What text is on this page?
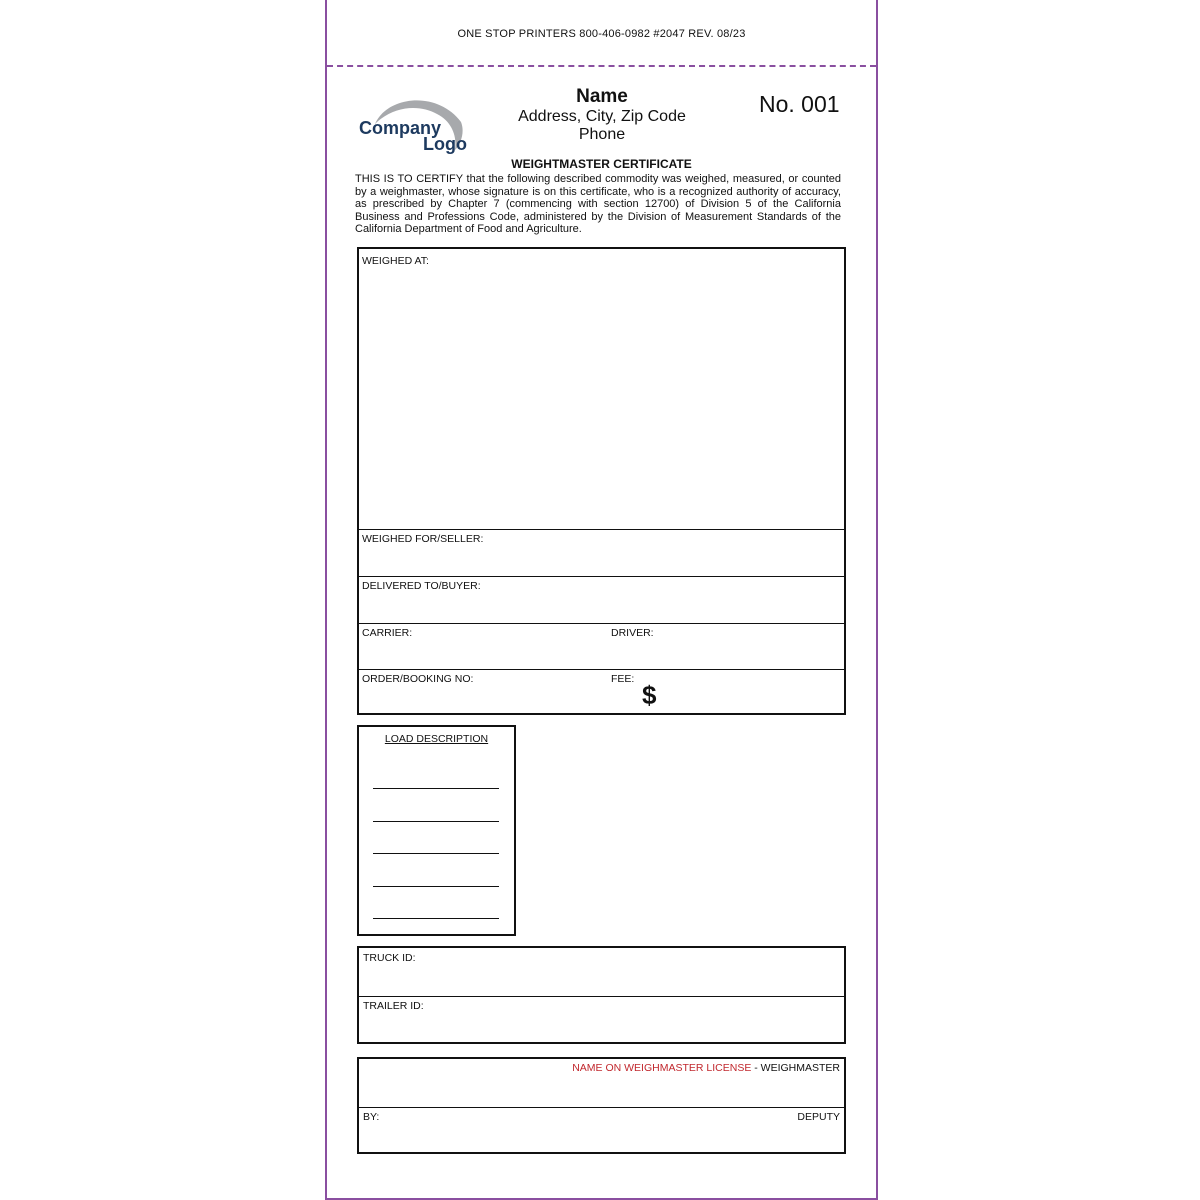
ONE STOP PRINTERS 800-406-0982 #2047 REV. 08/23
Company
Logo
Name
Address, City, Zip Code
Phone
No. 001
WEIGHTMASTER CERTIFICATE
THIS IS TO CERTIFY that the following described commodity was weighed, measured, or counted by a weighmaster, whose signature is on this certificate, who is a recognized authority of accuracy, as prescribed by Chapter 7 (commencing with section 12700) of Division 5 of the California Business and Professions Code, administered by the Division of Measurement Standards of the California Department of Food and Agriculture.
WEIGHED AT:
WEIGHED FOR/SELLER:
DELIVERED TO/BUYER:
CARRIER:	DRIVER:
ORDER/BOOKING NO:	FEE:
$
LOAD DESCRIPTION
TRUCK ID:
TRAILER ID:
NAME ON WEIGHMASTER LICENSE - WEIGHMASTER
BY:	DEPUTY
